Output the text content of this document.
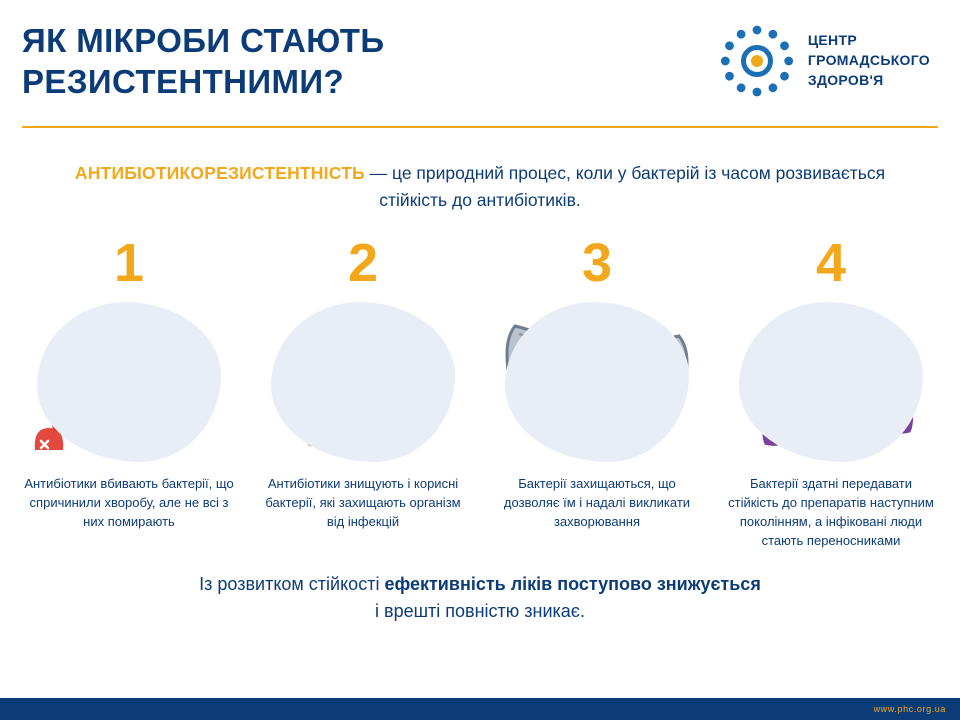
ЯК МІКРОБИ СТАЮТЬ
РЕЗИСТЕНТНИМИ?
ЦЕНТР
ГРОМАДСЬКОГО
ЗДОРОВ'Я
АНТИБІОТИКОРЕЗИСТЕНТНІСТЬ — це природний процес, коли у бактерій із часом розвивається стійкість до антибіотиків.
1
Антибіотики вбивають бактерії, що спричинили хворобу, але не всі з них помирають
2
Антибіотики знищують і корисні бактерії, які захищають організм від інфекцій
3
Бактерії захищаються, що дозволяє їм і надалі викликати захворювання
4
Бактерії здатні передавати стійкість до препаратів наступним поколінням, а інфіковані люди стають переносниками
Із розвитком стійкості ефективність ліків поступово знижується
і врешті повністю зникає.
www.phc.org.ua
